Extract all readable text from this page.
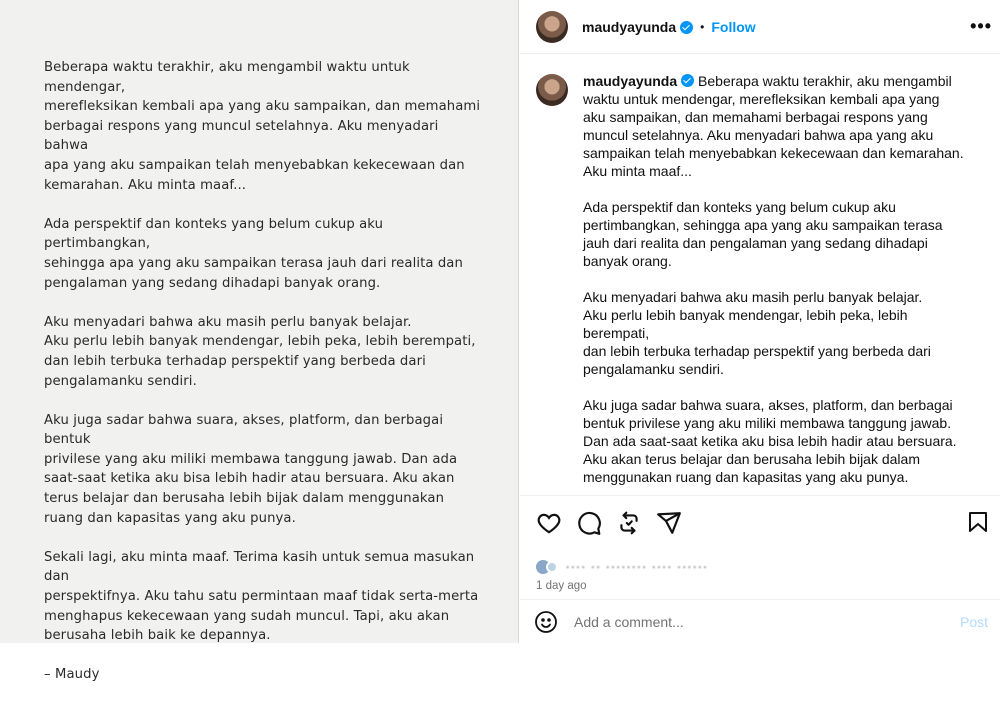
Beberapa waktu terakhir, aku mengambil waktu untuk mendengar,
merefleksikan kembali apa yang aku sampaikan, dan memahami
berbagai respons yang muncul setelahnya. Aku menyadari bahwa
apa yang aku sampaikan telah menyebabkan kekecewaan dan
kemarahan. Aku minta maaf...

Ada perspektif dan konteks yang belum cukup aku pertimbangkan,
sehingga apa yang aku sampaikan terasa jauh dari realita dan
pengalaman yang sedang dihadapi banyak orang.

Aku menyadari bahwa aku masih perlu banyak belajar.
Aku perlu lebih banyak mendengar, lebih peka, lebih berempati,
dan lebih terbuka terhadap perspektif yang berbeda dari
pengalamanku sendiri.

Aku juga sadar bahwa suara, akses, platform, dan berbagai bentuk
privilese yang aku miliki membawa tanggung jawab. Dan ada
saat-saat ketika aku bisa lebih hadir atau bersuara. Aku akan
terus belajar dan berusaha lebih bijak dalam menggunakan
ruang dan kapasitas yang aku punya.

Sekali lagi, aku minta maaf. Terima kasih untuk semua masukan dan
perspektifnya. Aku tahu satu permintaan maaf tidak serta-merta
menghapus kekecewaan yang sudah muncul. Tapi, aku akan
berusaha lebih baik ke depannya.

– Maudy

maudyayunda • Follow	•••

maudyayunda Beberapa waktu terakhir, aku mengambil waktu untuk mendengar, merefleksikan kembali apa yang aku sampaikan, dan memahami berbagai respons yang muncul setelahnya. Aku menyadari bahwa apa yang aku sampaikan telah menyebabkan kekecewaan dan kemarahan. Aku minta maaf...

Ada perspektif dan konteks yang belum cukup aku pertimbangkan, sehingga apa yang aku sampaikan terasa jauh dari realita dan pengalaman yang sedang dihadapi banyak orang.

Aku menyadari bahwa aku masih perlu banyak belajar.
Aku perlu lebih banyak mendengar, lebih peka, lebih berempati,
dan lebih terbuka terhadap perspektif yang berbeda dari pengalamanku sendiri.

Aku juga sadar bahwa suara, akses, platform, dan berbagai bentuk privilese yang aku miliki membawa tanggung jawab. Dan ada saat-saat ketika aku bisa lebih hadir atau bersuara. Aku akan terus belajar dan berusaha lebih bijak dalam menggunakan ruang dan kapasitas yang aku punya.

▪▪▪▪ ▪▪ ▪▪▪▪▪▪▪▪ ▪▪▪▪ ▪▪▪▪▪▪
1 day ago
Add a comment...
Post
